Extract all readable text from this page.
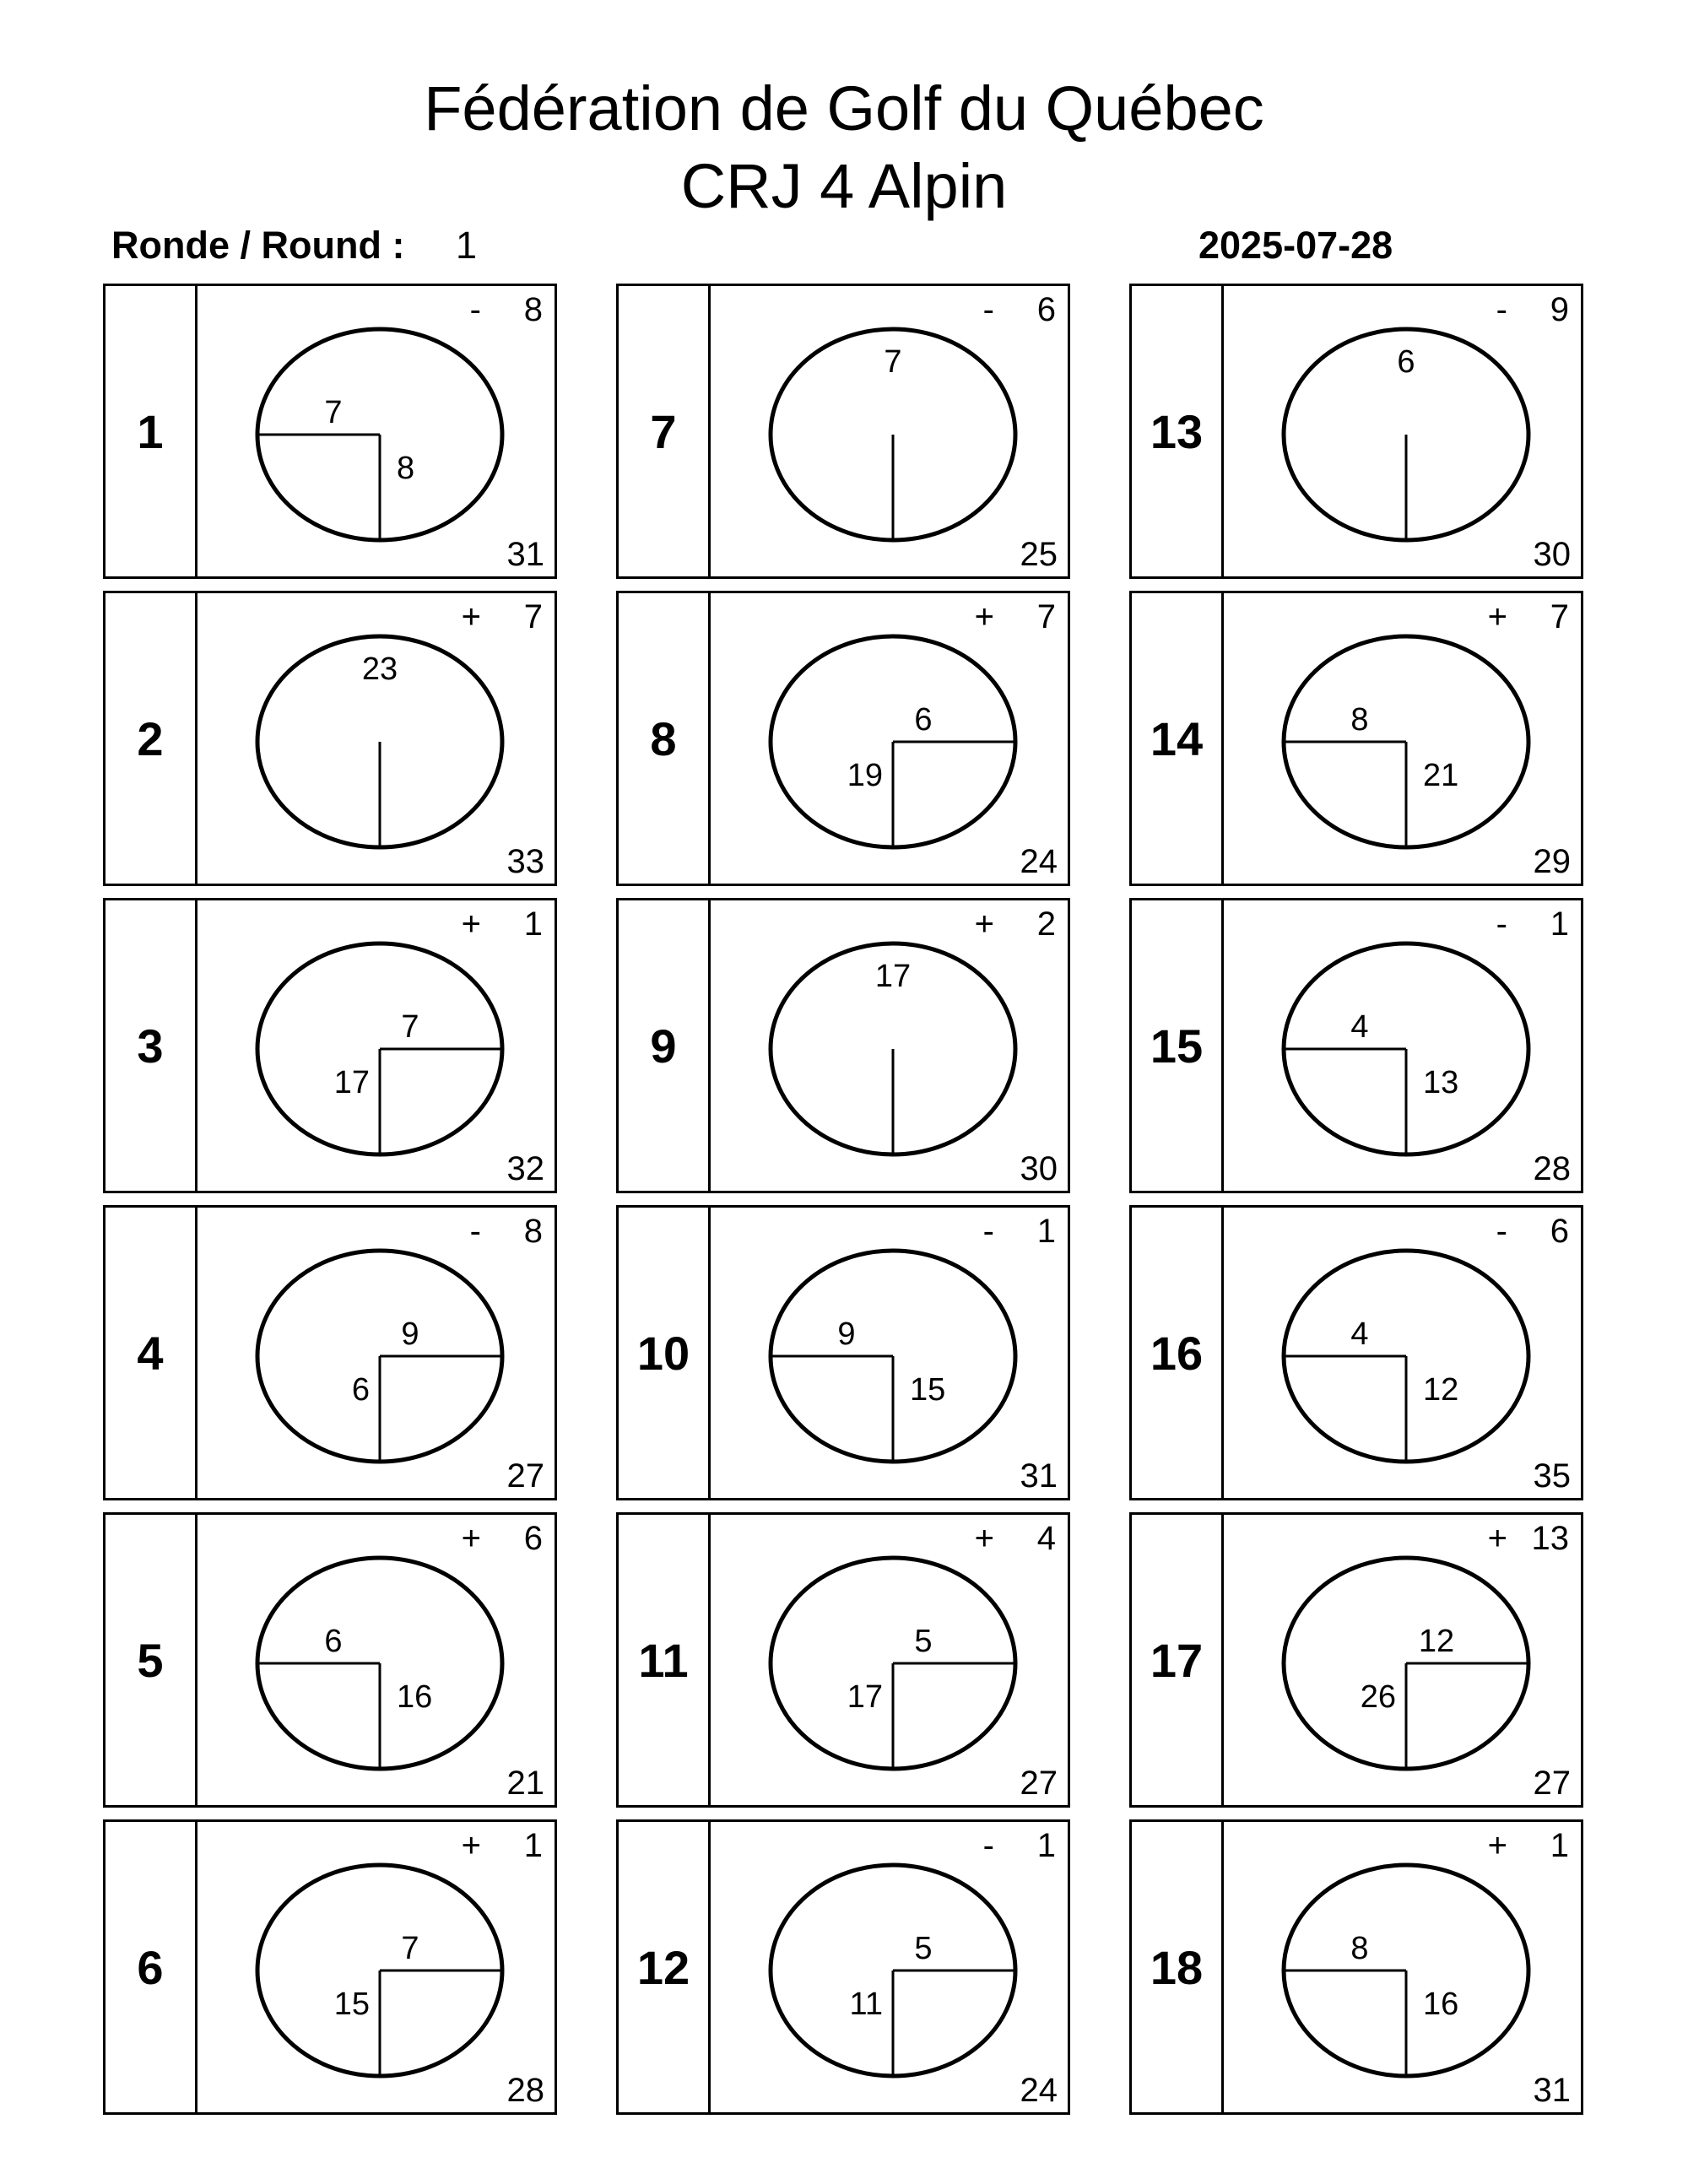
Fédération de Golf du Québec
CRJ 4 Alpin
Ronde / Round : 1	2025-07-28
1
- 8
31
7
8
2
+ 7
33
23
3
+ 1
32
7
17
4
- 8
27
9
6
5
+ 6
21
6
16
6
+ 1
28
7
15
7
- 6
25
7
8
+ 7
24
6
19
9
+ 2
30
17
10
- 1
31
9
15
11
+ 4
27
5
17
12
- 1
24
5
11
13
- 9
30
6
14
+ 7
29
8
21
15
- 1
28
4
13
16
- 6
35
4
12
17
+ 13
27
12
26
18
+ 1
31
8
16
